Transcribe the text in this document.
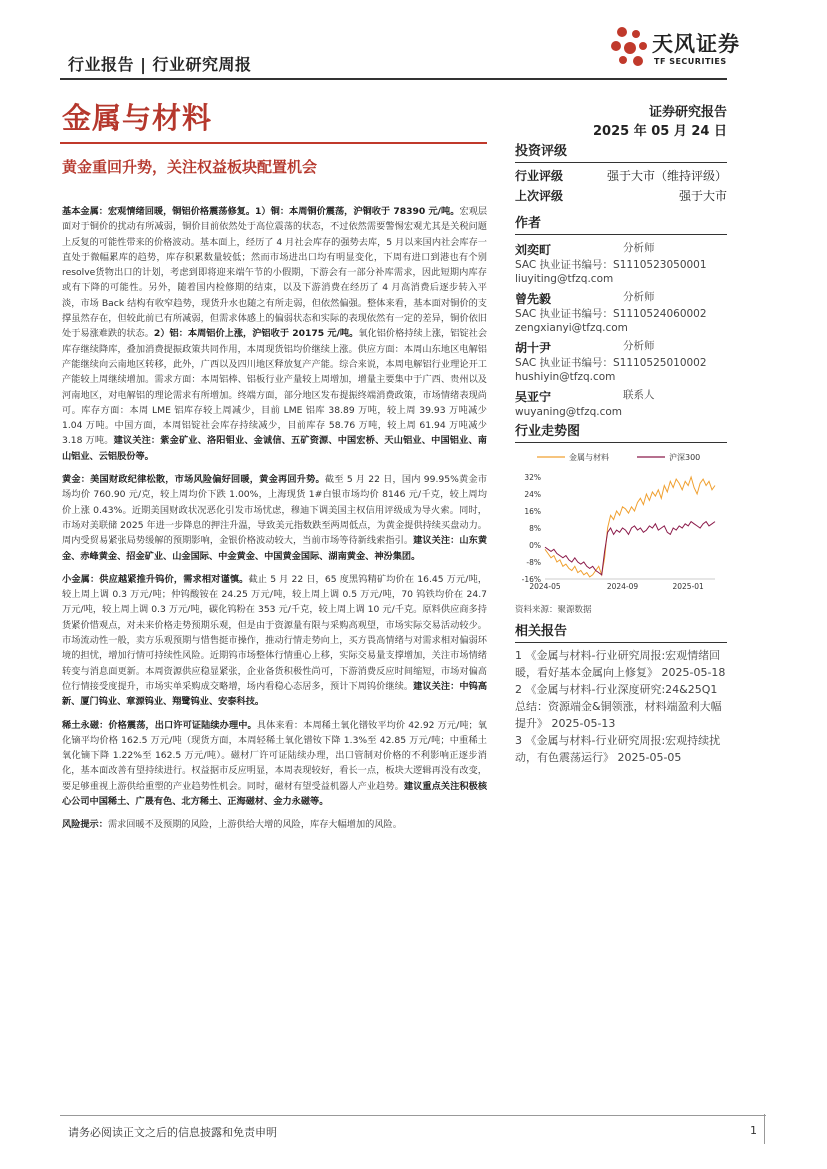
行业报告 | 行业研究周报
天风证券
TF SECURITIES
金属与材料	证券研究报告
2025 年 05 月 24 日
黄金重回升势，关注权益板块配置机会
投资评级
行业评级	强于大市（维持评级）
上次评级	强于大市
作者
刘奕町	分析师
SAC 执业证书编号：S1110523050001
liuyiting@tfzq.com
曾先毅	分析师
SAC 执业证书编号：S1110524060002
zengxianyi@tfzq.com
胡十尹	分析师
SAC 执业证书编号：S1110525010002
hushiyin@tfzq.com
吴亚宁	联系人
wuyaning@tfzq.com
行业走势图
金属与材料	沪深300
32%
24%
16%
8%
0%
-8%
-16%
2024-05	2024-09	2025-01
资料来源：聚源数据
相关报告
1 《金属与材料-行业研究周报:宏观情绪回暖，看好基本金属向上修复》 2025-05-18
2 《金属与材料-行业深度研究:24&25Q1 总结：资源端金&铜领涨，材料端盈利大幅提升》 2025-05-13
3 《金属与材料-行业研究周报:宏观持续扰动，有色震荡运行》 2025-05-05

基本金属：宏观情绪回暖，铜铝价格震荡修复。1）铜：本周铜价震荡，沪铜收于 78390 元/吨。宏观层面对于铜价的扰动有所减弱，铜价目前依然处于高位震荡的状态，不过依然需要警惕宏观尤其是关税问题上反复的可能性带来的价格波动。基本面上，经历了 4 月社会库存的强势去库，5 月以来国内社会库存一直处于微幅累库的趋势，库存积累数量较低；然而市场进出口均有明显变化，下周有进口到港也有个别resolve货物出口的计划，考虑到即将迎来端午节的小假期，下游会有一部分补库需求，因此短期内库存或有下降的可能性。另外，随着国内检修期的结束，以及下游消费在经历了 4 月高消费后逐步转入平淡，市场 Back 结构有收窄趋势，现货升水也随之有所走弱，但依然偏强。整体来看，基本面对铜价的支撑虽然存在，但较此前已有所减弱，但需求体感上的偏弱状态和实际的表现依然有一定的差异，铜价依旧处于易涨难跌的状态。2）铝：本周铝价上涨，沪铝收于 20175 元/吨。氧化铝价格持续上涨，铝锭社会库存继续降库，叠加消费提振政策共同作用，本周现货铝均价继续上涨。供应方面：本周山东地区电解铝产能继续向云南地区转移，此外，广西以及四川地区释放复产产能。综合来说，本周电解铝行业理论开工产能较上周继续增加。需求方面：本周铝棒、铝板行业产量较上周增加，增量主要集中于广西、贵州以及河南地区，对电解铝的理论需求有所增加。终端方面，部分地区发布提振终端消费政策，市场情绪表现尚可。库存方面：本周 LME 铝库存较上周减少，目前 LME 铝库 38.89 万吨，较上周 39.93 万吨减少 1.04 万吨。中国方面，本周铝锭社会库存持续减少，目前库存 58.76 万吨，较上周 61.94 万吨减少 3.18 万吨。建议关注：紫金矿业、洛阳钼业、金诚信、五矿资源、中国宏桥、天山铝业、中国铝业、南山铝业、云铝股份等。

黄金：美国财政纪律松散，市场风险偏好回暖，黄金再回升势。截至 5 月 22 日，国内 99.95%黄金市场均价 760.90 元/克，较上周均价下跌 1.00%，上海现货 1#白银市场均价 8146 元/千克，较上周均价上涨 0.43%。近期美国财政状况恶化引发市场忧虑，穆迪下调美国主权信用评级成为导火索。同时，市场对美联储 2025 年进一步降息的押注升温，导致美元指数跌至两周低点，为黄金提供持续买盘动力。周内受贸易紧张局势缓解的预期影响，金银价格波动较大，当前市场等待新线索指引。建议关注：山东黄金、赤峰黄金、招金矿业、山金国际、中金黄金、中国黄金国际、湖南黄金、神汾集团。

小金属：供应越紧推升钨价，需求相对谨慎。截止 5 月 22 日，65 度黑钨精矿均价在 16.45 万元/吨，较上周上调 0.3 万元/吨；仲钨酸铵在 24.25 万元/吨，较上周上调 0.5 万元/吨，70 钨铁均价在 24.7 万元/吨，较上周上调 0.3 万元/吨，碳化钨粉在 353 元/千克，较上周上调 10 元/千克。原料供应商多持货紧价惜观点，对未来价格走势预期乐观，但是由于资源量有限与采购高观望，市场实际交易活动较少。市场流动性一般，卖方乐观预期与惜售挺市操作，推动行情走势向上，买方畏高情绪与对需求相对偏弱环境的担忧，增加行情可持续性风险。近期钨市场整体行情重心上移，实际交易量支撑增加，关注市场情绪转变与消息面更新。本周资源供应稳显紧张，企业备货积极性尚可，下游消费反应时间缩短，市场对偏高位行情接受度提升，市场实单采购成交略增，场内看稳心态居多，预计下周钨价继续。建议关注：中钨高新、厦门钨业、章源钨业、翔鹭钨业、安泰科技。

稀土永磁：价格震荡，出口许可证陆续办理中。具体来看：本周稀土氧化镨钕平均价 42.92 万元/吨；氧化镝平均价格 162.5 万元/吨（现货方面，本周轻稀土氧化镨钕下降 1.3%至 42.85 万元/吨；中重稀土氧化镝下降 1.22%至 162.5 万元/吨）。磁材厂许可证陆续办理，出口管制对价格的不利影响正逐步消化，基本面改善有望持续进行。权益据市反应明显，本周表现较好，看长一点，板块大逻辑再没有改变，要足够重视上游供给重塑的产业趋势性机会。同时，磁材有望受益机器人产业趋势。建议重点关注积极核心公司中国稀土、广晟有色、北方稀土、正海磁材、金力永磁等。

风险提示：需求回暖不及预期的风险，上游供给大增的风险，库存大幅增加的风险。

请务必阅读正文之后的信息披露和免责申明	1
